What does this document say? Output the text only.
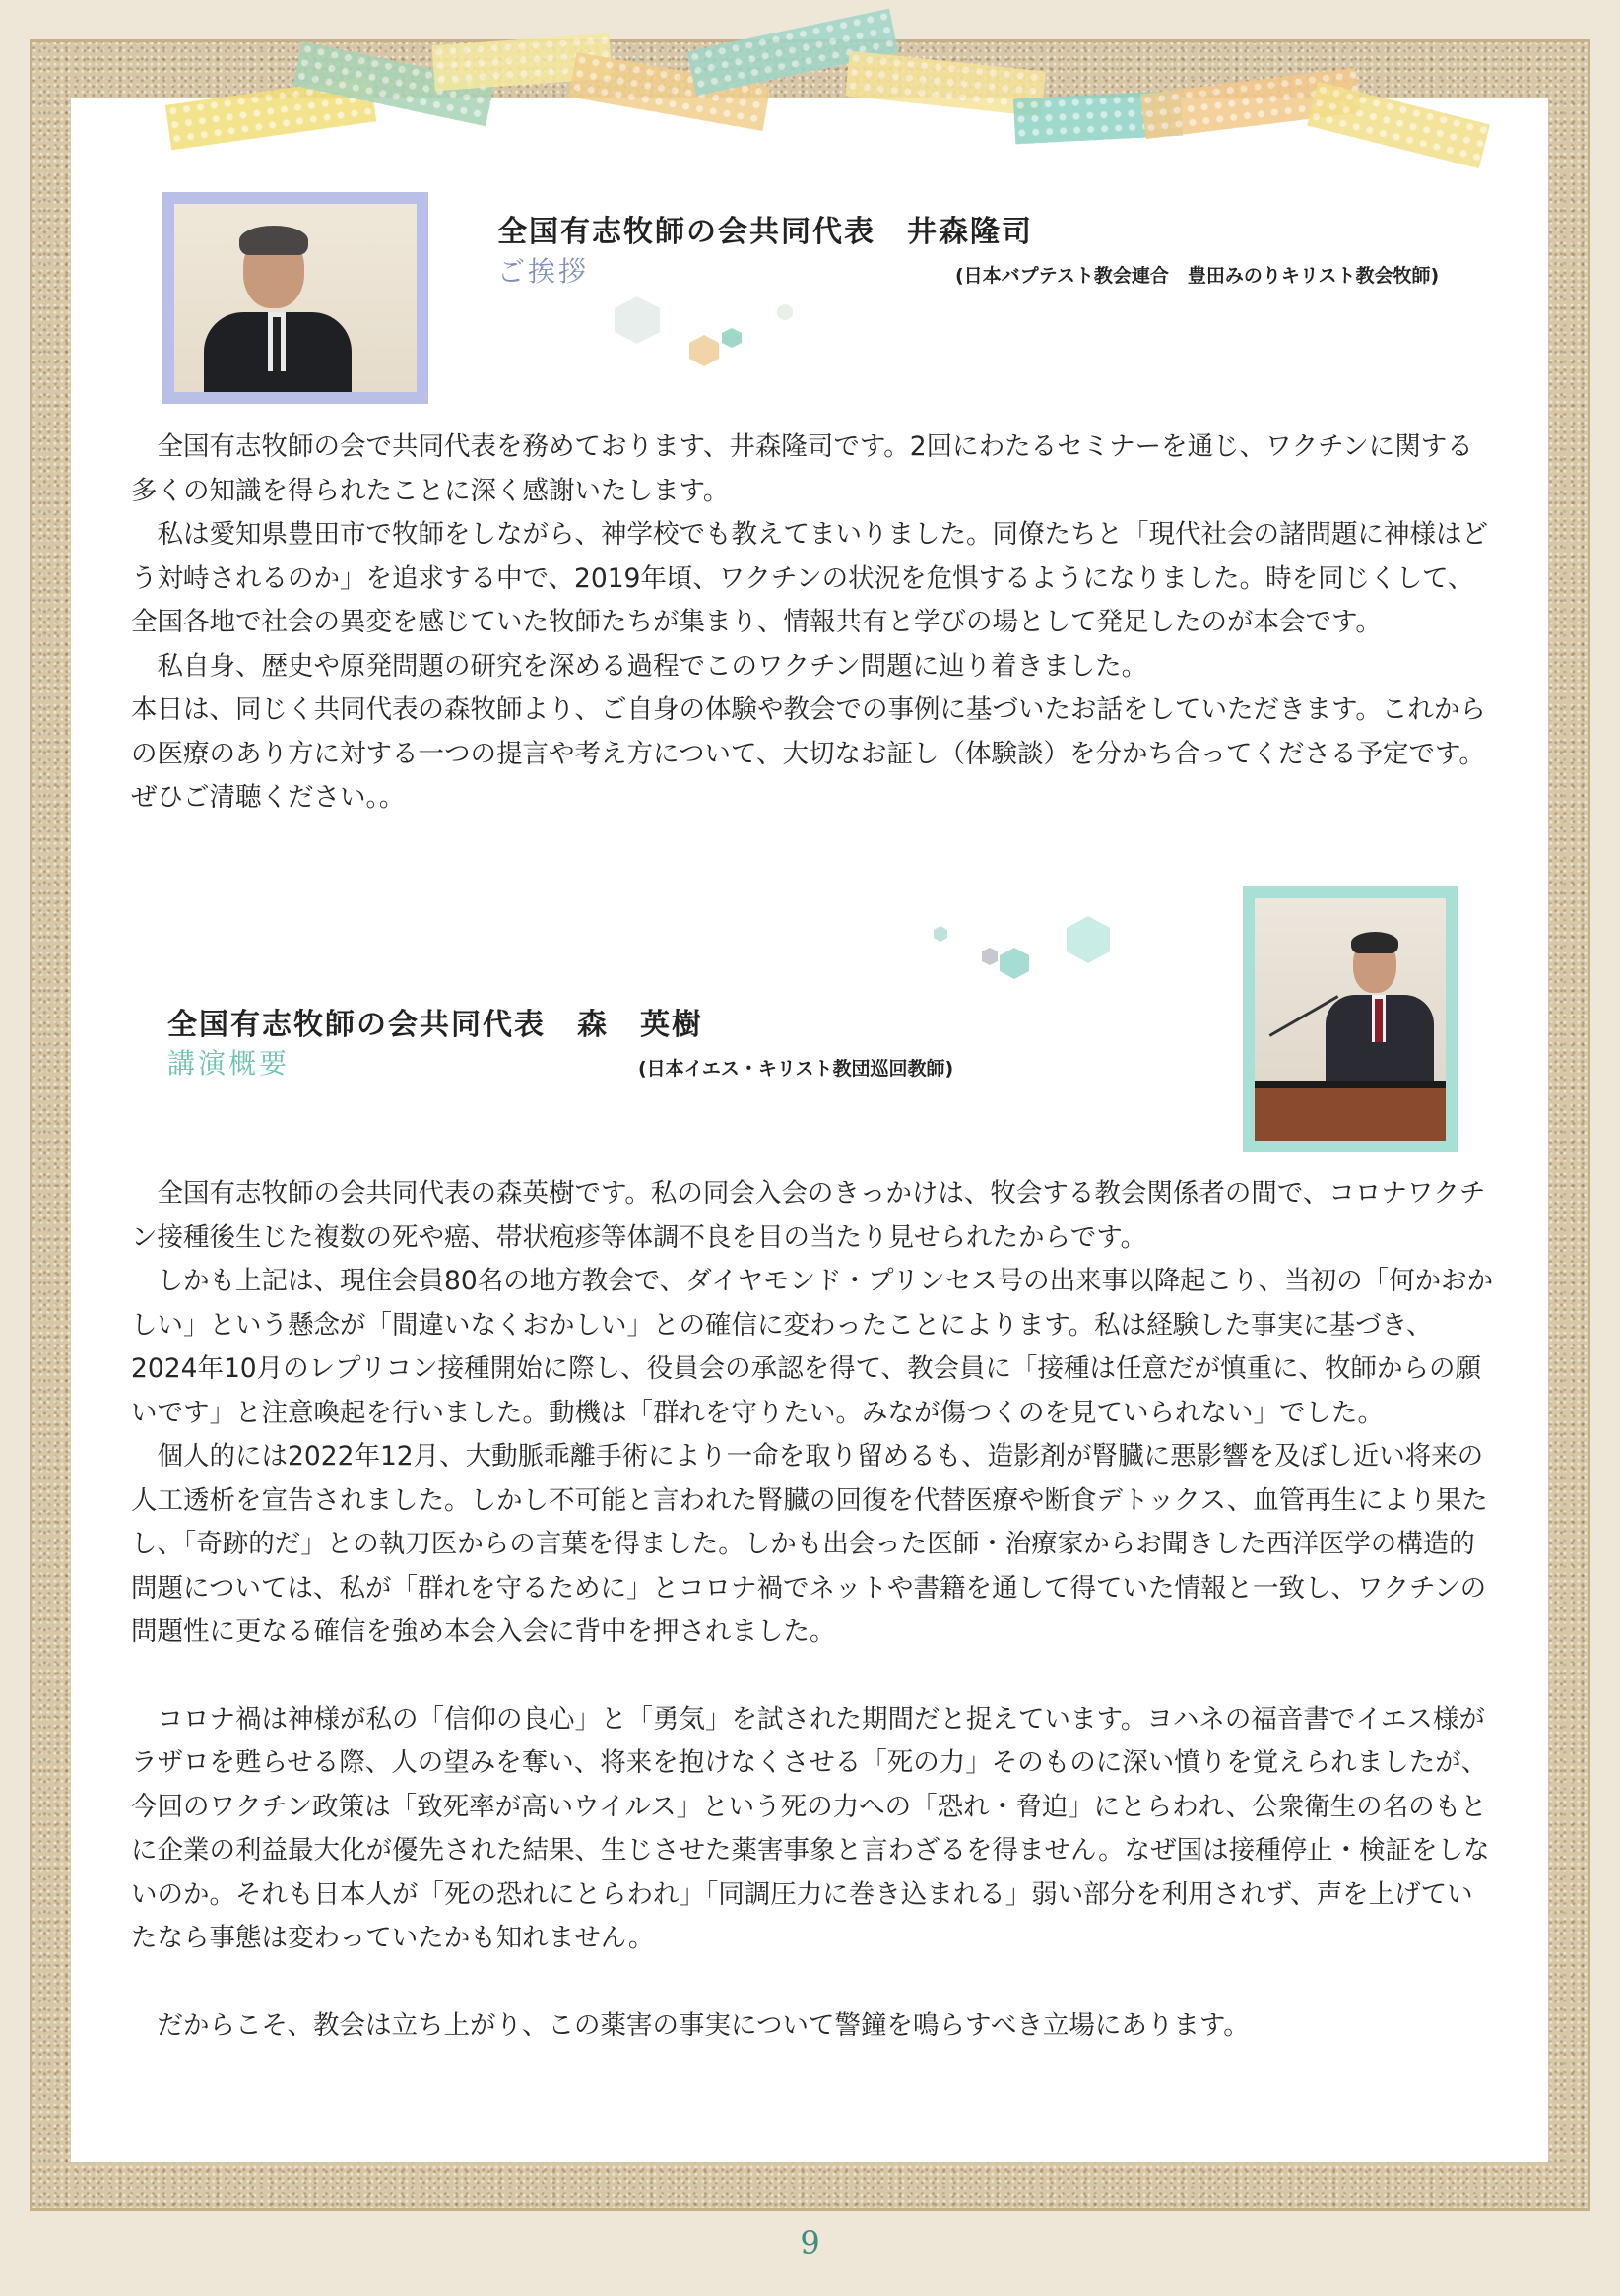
全国有志牧師の会共同代表　井森隆司
ご挨拶	(日本バプテスト教会連合　豊田みのりキリスト教会牧師)

全国有志牧師の会で共同代表を務めております、井森隆司です。2回にわたるセミナーを通じ、ワクチンに関する多くの知識を得られたことに深く感謝いたします。

私は愛知県豊田市で牧師をしながら、神学校でも教えてまいりました。同僚たちと「現代社会の諸問題に神様はどう対峙されるのか」を追求する中で、2019年頃、ワクチンの状況を危惧するようになりました。時を同じくして、全国各地で社会の異変を感じていた牧師たちが集まり、情報共有と学びの場として発足したのが本会です。

私自身、歴史や原発問題の研究を深める過程でこのワクチン問題に辿り着きました。

本日は、同じく共同代表の森牧師より、ご自身の体験や教会での事例に基づいたお話をしていただきます。これからの医療のあり方に対する一つの提言や考え方について、大切なお証し（体験談）を分かち合ってくださる予定です。ぜひご清聴ください。。

全国有志牧師の会共同代表　森　英樹
講演概要	(日本イエス・キリスト教団巡回教師)

全国有志牧師の会共同代表の森英樹です。私の同会入会のきっかけは、牧会する教会関係者の間で、コロナワクチン接種後生じた複数の死や癌、帯状疱疹等体調不良を目の当たり見せられたからです。

しかも上記は、現住会員80名の地方教会で、ダイヤモンド・プリンセス号の出来事以降起こり、当初の「何かおかしい」という懸念が「間違いなくおかしい」との確信に変わったことによります。私は経験した事実に基づき、2024年10月のレプリコン接種開始に際し、役員会の承認を得て、教会員に「接種は任意だが慎重に、牧師からの願いです」と注意喚起を行いました。動機は「群れを守りたい。みなが傷つくのを見ていられない」でした。

個人的には2022年12月、大動脈乖離手術により一命を取り留めるも、造影剤が腎臓に悪影響を及ぼし近い将来の人工透析を宣告されました。しかし不可能と言われた腎臓の回復を代替医療や断食デトックス、血管再生により果たし、「奇跡的だ」との執刀医からの言葉を得ました。しかも出会った医師・治療家からお聞きした西洋医学の構造的問題については、私が「群れを守るために」とコロナ禍でネットや書籍を通して得ていた情報と一致し、ワクチンの問題性に更なる確信を強め本会入会に背中を押されました。

コロナ禍は神様が私の「信仰の良心」と「勇気」を試された期間だと捉えています。ヨハネの福音書でイエス様がラザロを甦らせる際、人の望みを奪い、将来を抱けなくさせる「死の力」そのものに深い憤りを覚えられましたが、今回のワクチン政策は「致死率が高いウイルス」という死の力への「恐れ・脅迫」にとらわれ、公衆衛生の名のもとに企業の利益最大化が優先された結果、生じさせた薬害事象と言わざるを得ません。なぜ国は接種停止・検証をしないのか。それも日本人が「死の恐れにとらわれ」「同調圧力に巻き込まれる」弱い部分を利用されず、声を上げていたなら事態は変わっていたかも知れません。

だからこそ、教会は立ち上がり、この薬害の事実について警鐘を鳴らすべき立場にあります。

9
